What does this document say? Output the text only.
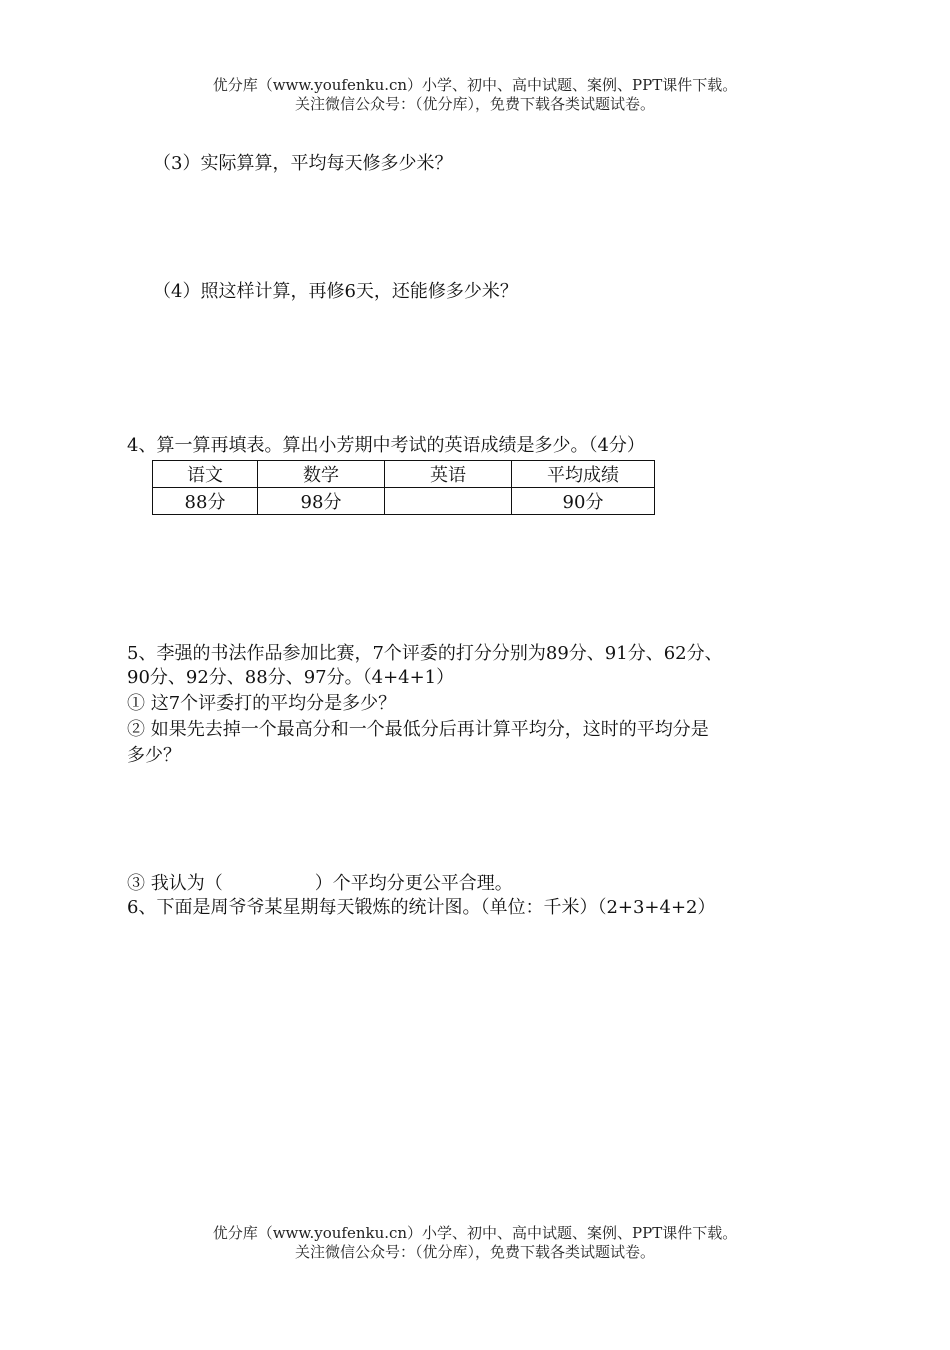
优分库（www.youfenku.cn）小学、初中、高中试题、案例、PPT课件下载。
关注微信公众号：（优分库），免费下载各类试题试卷。
（3）实际算算，平均每天修多少米？
（4）照这样计算，再修6天，还能修多少米？
4、算一算再填表。算出小芳期中考试的英语成绩是多少。（4分）
语文	数学	英语	平均成绩
88分	98分		90分
5、李强的书法作品参加比赛，7个评委的打分分别为89分、91分、62分、
90分、92分、88分、97分。（4+4+1）
① 这7个评委打的平均分是多少？
② 如果先去掉一个最高分和一个最低分后再计算平均分，这时的平均分是
多少？
③ 我认为（	）个平均分更公平合理。
6、下面是周爷爷某星期每天锻炼的统计图。（单位：千米）（2+3+4+2）
优分库（www.youfenku.cn）小学、初中、高中试题、案例、PPT课件下载。
关注微信公众号：（优分库），免费下载各类试题试卷。
